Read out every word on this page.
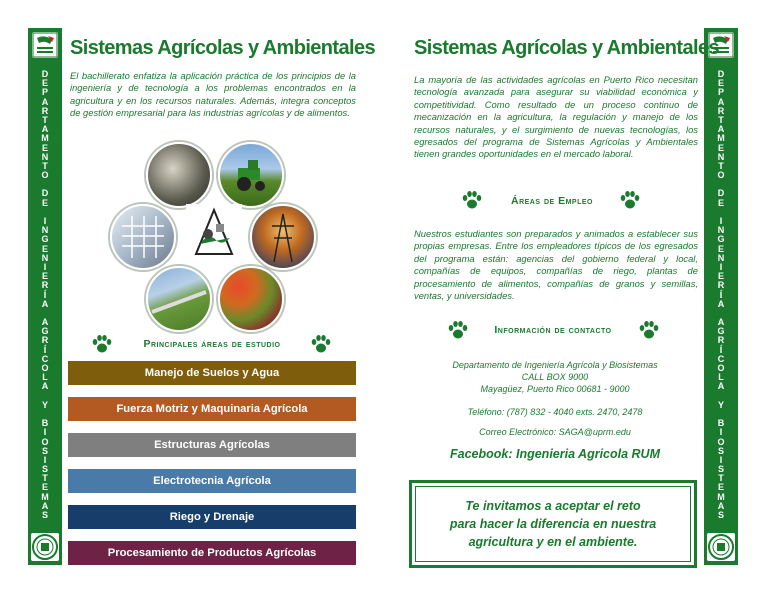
D
E
P
A
R
T
A
M
E
N
T
O

D
E

I
N
G
E
N
I
E
R
Í
A

A
G
R
Í
C
O
L
A

Y

B
I
O
S
I
S
T
E
M
A
S
D
E
P
A
R
T
A
M
E
N
T
O

D
E

I
N
G
E
N
I
E
R
Í
A

A
G
R
Í
C
O
L
A

Y

B
I
O
S
I
S
T
E
M
A
S
Sistemas Agrícolas y Ambientales
El bachillerato enfatiza la aplicación práctica de los principios de la ingeniería y de tecnología a los problemas encontrados en la agricultura y en los recursos naturales. Además, integra conceptos de gestión empresarial para las industrias agrícolas y de alimentos.
Principales áreas de estudio
Manejo de Suelos y Agua
Fuerza Motriz y Maquinaria Agrícola
Estructuras Agrícolas
Electrotecnia Agrícola
Riego y Drenaje
Procesamiento de Productos Agrícolas
Sistemas Agrícolas y Ambientales
La mayoría de las actividades agrícolas en Puerto Rico necesitan tecnología avanzada para asegurar su viabilidad económica y competitividad. Como resultado de un proceso continuo de mecanización en la agricultura, la regulación y manejo de los recursos naturales, y el surgimiento de nuevas tecnologías, los egresados del programa de Sistemas Agrícolas y Ambientales tienen grandes oportunidades en el mercado laboral.
Áreas de Empleo
Nuestros estudiantes son preparados y animados a establecer sus propias empresas. Entre los empleadores típicos de los egresados del programa están: agencias del gobierno federal y local, compañías de equipos, compañías de riego, plantas de procesamiento de alimentos, compañías de granos y semillas, ventas, y universidades.
Información de contacto
Departamento de Ingeniería Agrícola y Biosistemas
CALL BOX 9000
Mayagüez, Puerto Rico 00681 - 9000
Teléfono: (787) 832 - 4040 exts. 2470, 2478
Correo Electrónico: SAGA@uprm.edu
Facebook: Ingenieria Agricola RUM
Te invitamos a aceptar el reto
para hacer la diferencia en nuestra
agricultura y en el ambiente.
